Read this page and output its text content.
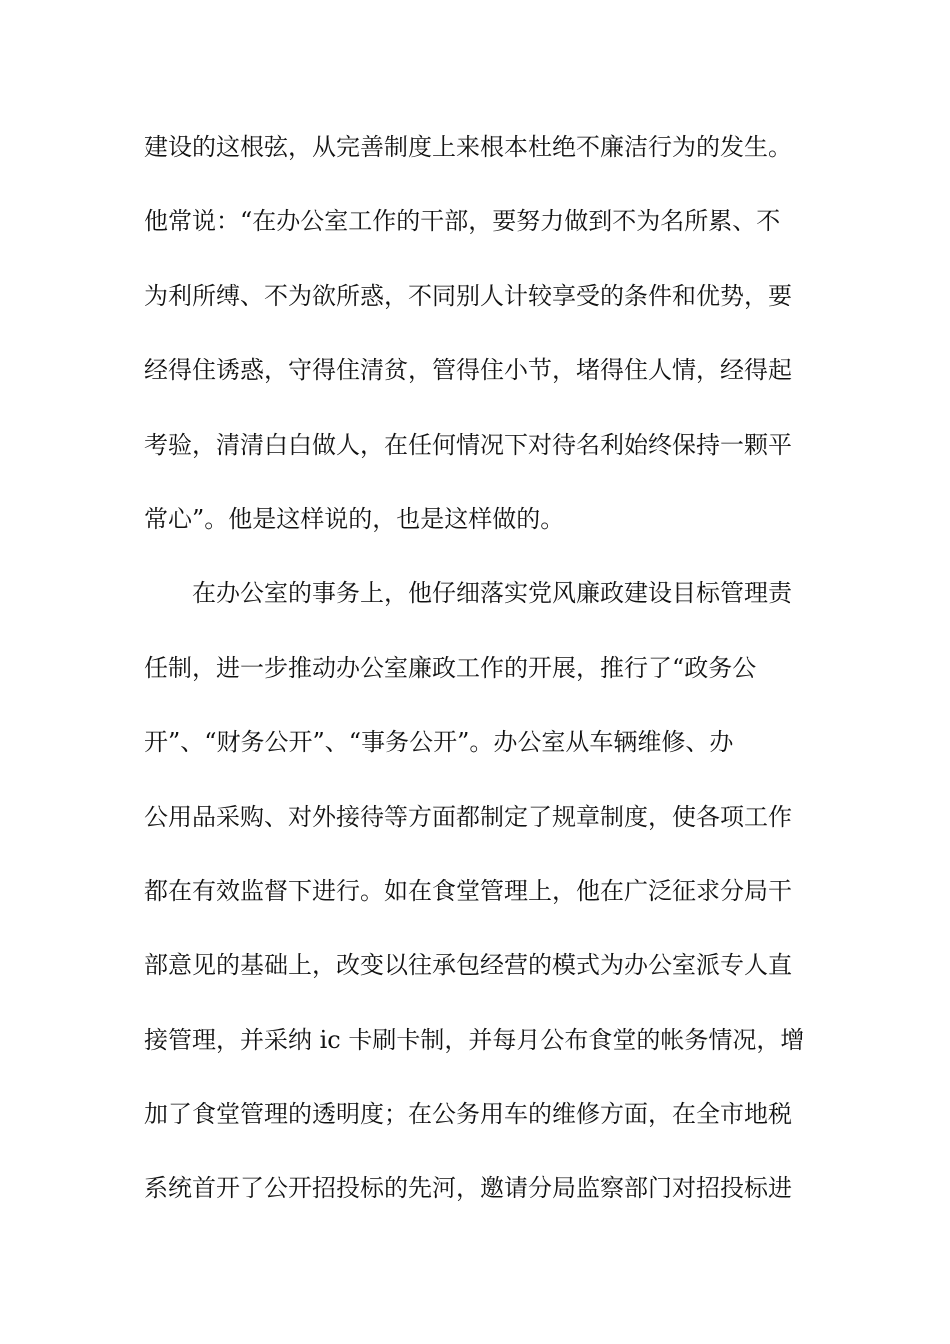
建设的这根弦，从完善制度上来根本杜绝不廉洁行为的发生。
他常说：“在办公室工作的干部，要努力做到不为名所累、不
为利所缚、不为欲所惑，不同别人计较享受的条件和优势，要
经得住诱惑，守得住清贫，管得住小节，堵得住人情，经得起
考验，清清白白做人，在任何情况下对待名利始终保持一颗平
常心”。他是这样说的，也是这样做的。
在办公室的事务上，他仔细落实党风廉政建设目标管理责
任制，进一步推动办公室廉政工作的开展，推行了“政务公
开”、“财务公开”、“事务公开”。办公室从车辆维修、办
公用品采购、对外接待等方面都制定了规章制度，使各项工作
都在有效监督下进行。如在食堂管理上，他在广泛征求分局干
部意见的基础上，改变以往承包经营的模式为办公室派专人直
接管理，并采纳 ic 卡刷卡制，并每月公布食堂的帐务情况，增
加了食堂管理的透明度；在公务用车的维修方面，在全市地税
系统首开了公开招投标的先河，邀请分局监察部门对招投标进
